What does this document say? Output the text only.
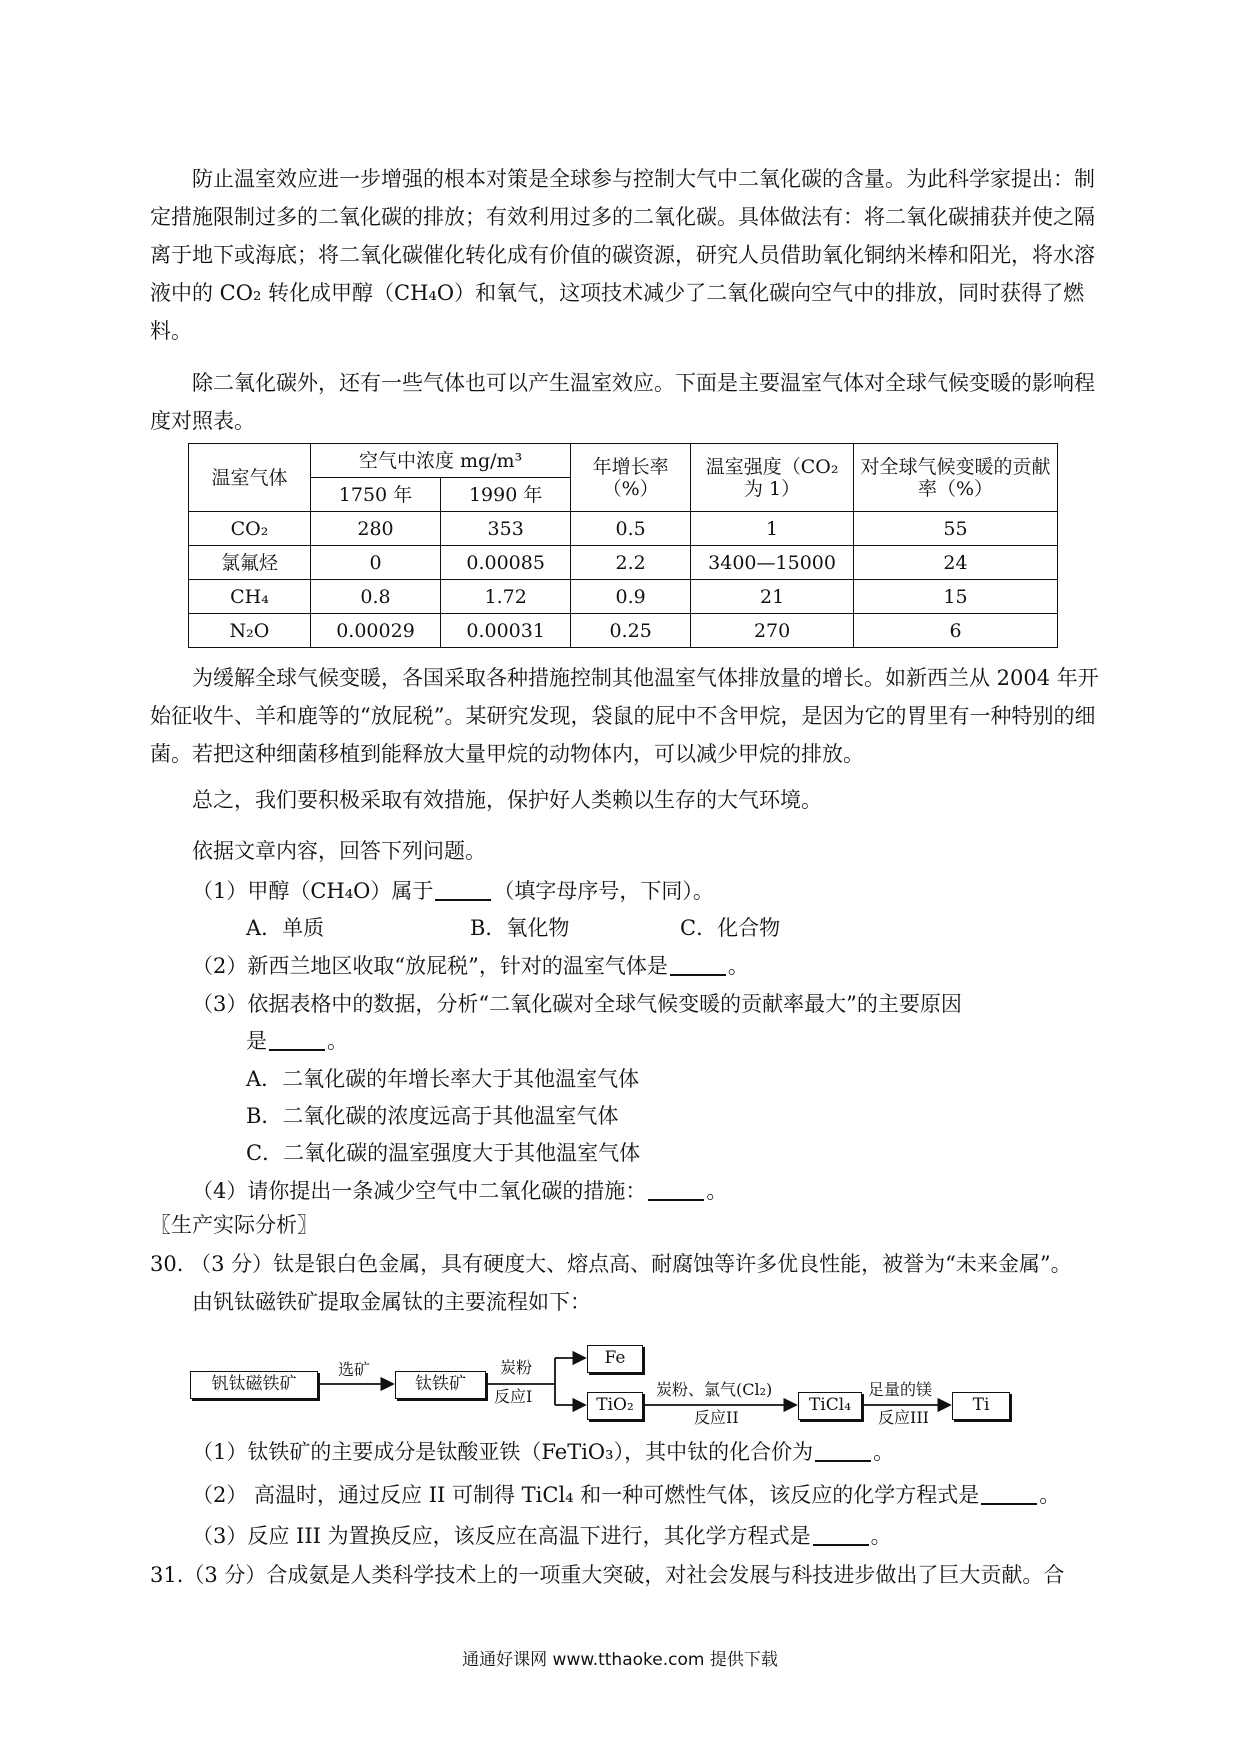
防止温室效应进一步增强的根本对策是全球参与控制大气中二氧化碳的含量。为此科学家提出：制定措施限制过多的二氧化碳的排放；有效利用过多的二氧化碳。具体做法有：将二氧化碳捕获并使之隔离于地下或海底；将二氧化碳催化转化成有价值的碳资源，研究人员借助氧化铜纳米棒和阳光，将水溶液中的 CO₂ 转化成甲醇（CH₄O）和氧气，这项技术减少了二氧化碳向空气中的排放，同时获得了燃料。

除二氧化碳外，还有一些气体也可以产生温室效应。下面是主要温室气体对全球气候变暖的影响程度对照表。

温室气体	空气中浓度 mg/m³		年增长率（%）	温室强度（CO₂ 为 1）	对全球气候变暖的贡献率（%）
	1750 年	1990 年			
CO₂	280	353	0.5	1	55
氯氟烃	0	0.00085	2.2	3400—15000	24
CH₄	0.8	1.72	0.9	21	15
N₂O	0.00029	0.00031	0.25	270	6

为缓解全球气候变暖，各国采取各种措施控制其他温室气体排放量的增长。如新西兰从 2004 年开始征收牛、羊和鹿等的“放屁税”。某研究发现，袋鼠的屁中不含甲烷，是因为它的胃里有一种特别的细菌。若把这种细菌移植到能释放大量甲烷的动物体内，可以减少甲烷的排放。

总之，我们要积极采取有效措施，保护好人类赖以生存的大气环境。

依据文章内容，回答下列问题。

（1）甲醇（CH₄O）属于	（填字母序号，下同）。

A．单质	B．氧化物	C．化合物

（2）新西兰地区收取“放屁税”，针对的温室气体是	。

（3）依据表格中的数据，分析“二氧化碳对全球气候变暖的贡献率最大”的主要原因

是	。

A．二氧化碳的年增长率大于其他温室气体

B．二氧化碳的浓度远高于其他温室气体

C．二氧化碳的温室强度大于其他温室气体

（4）请你提出一条减少空气中二氧化碳的措施：	。

〖生产实际分析〗

30. （3 分）钛是银白色金属，具有硬度大、熔点高、耐腐蚀等许多优良性能，被誉为“未来金属”。

由钒钛磁铁矿提取金属钛的主要流程如下：

钒钛磁铁矿
选矿
钛铁矿
炭粉
反应I
Fe
TiO₂
炭粉、氯气(Cl₂)
反应II
TiCl₄
足量的镁
反应III
Ti

（1）钛铁矿的主要成分是钛酸亚铁（FeTiO₃），其中钛的化合价为	。

（2） 高温时，通过反应 II 可制得 TiCl₄ 和一种可燃性气体，该反应的化学方程式是	。

（3）反应 III 为置换反应，该反应在高温下进行，其化学方程式是	。

31.（3 分）合成氨是人类科学技术上的一项重大突破，对社会发展与科技进步做出了巨大贡献。合

通通好课网 www.tthaoke.com 提供下载
